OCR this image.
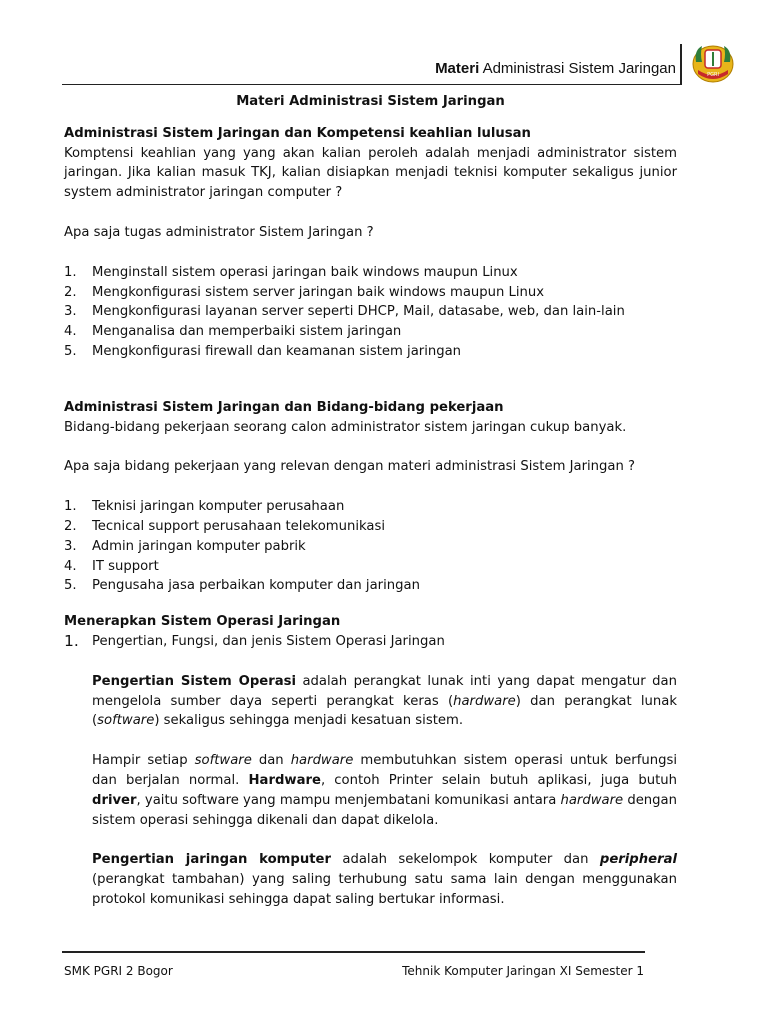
Materi Administrasi Sistem Jaringan	PGRI

Materi Administrasi Sistem Jaringan

Administrasi Sistem Jaringan dan Kompetensi keahlian lulusan

Komptensi keahlian yang yang akan kalian peroleh adalah menjadi administrator sistem jaringan. Jika kalian masuk TKJ, kalian disiapkan menjadi teknisi komputer sekaligus junior system administrator jaringan computer ?

Apa saja tugas administrator Sistem Jaringan ?

1.	Menginstall sistem operasi jaringan baik windows maupun Linux
2.	Mengkonfigurasi sistem server jaringan baik windows maupun Linux
3.	Mengkonfigurasi layanan server seperti DHCP, Mail, datasabe, web, dan lain-lain
4.	Menganalisa dan memperbaiki sistem jaringan
5.	Mengkonfigurasi firewall dan keamanan sistem jaringan

Administrasi Sistem Jaringan dan Bidang-bidang pekerjaan

Bidang-bidang pekerjaan seorang calon administrator sistem jaringan cukup banyak.

Apa saja bidang pekerjaan yang relevan dengan materi administrasi Sistem Jaringan ?

1.	Teknisi jaringan komputer perusahaan
2.	Tecnical support perusahaan telekomunikasi
3.	Admin jaringan komputer pabrik
4.	IT support
5.	Pengusaha jasa perbaikan komputer dan jaringan

Menerapkan Sistem Operasi Jaringan

1.	Pengertian, Fungsi, dan jenis Sistem Operasi Jaringan

Pengertian Sistem Operasi adalah perangkat lunak inti yang dapat mengatur dan mengelola sumber daya seperti perangkat keras (hardware) dan perangkat lunak (software) sekaligus sehingga menjadi kesatuan sistem.

Hampir setiap software dan hardware membutuhkan sistem operasi untuk berfungsi dan berjalan normal. Hardware, contoh Printer selain butuh aplikasi, juga butuh driver, yaitu software yang mampu menjembatani komunikasi antara hardware dengan sistem operasi sehingga dikenali dan dapat dikelola.

Pengertian jaringan komputer adalah sekelompok komputer dan peripheral (perangkat tambahan) yang saling terhubung satu sama lain dengan menggunakan protokol komunikasi sehingga dapat saling bertukar informasi.

SMK PGRI 2 Bogor	Tehnik Komputer Jaringan XI Semester 1
